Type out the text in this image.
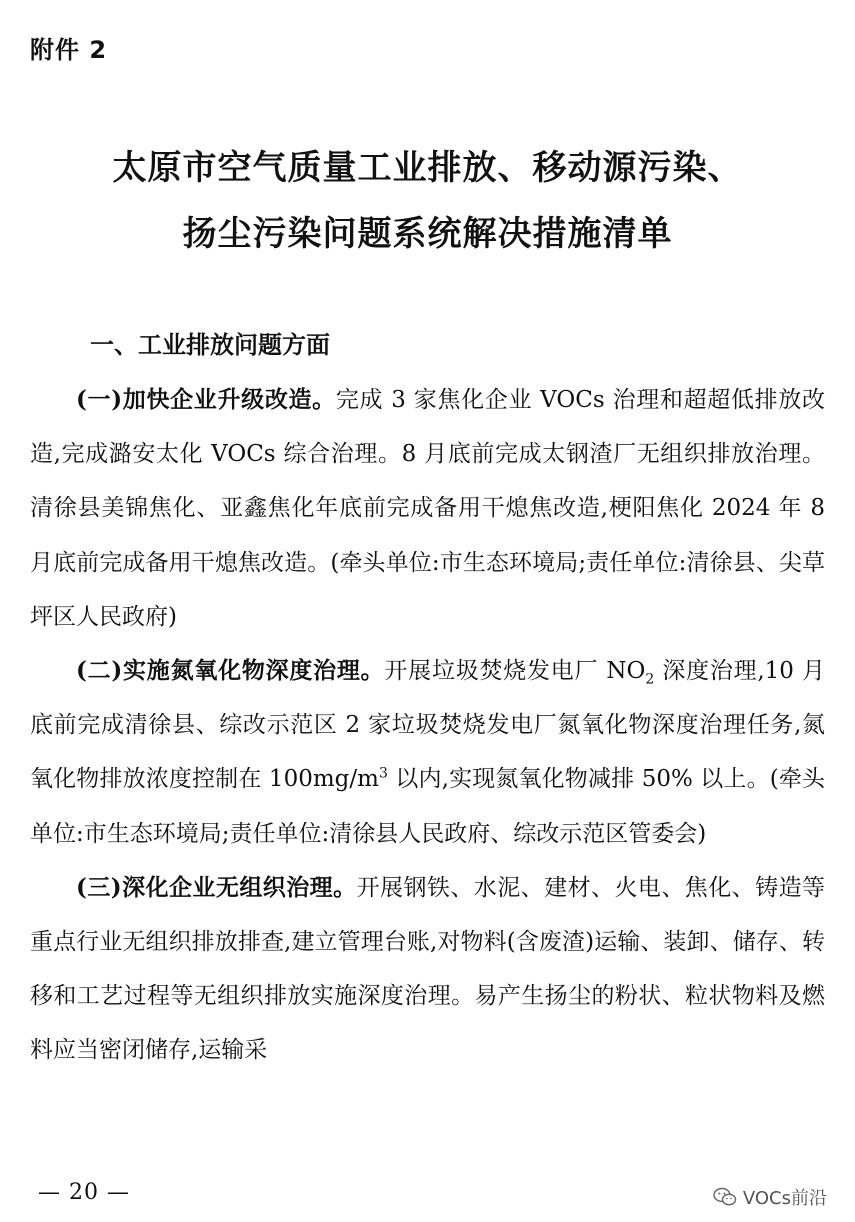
附件 2
太原市空气质量工业排放、移动源污染、
扬尘污染问题系统解决措施清单
一、工业排放问题方面

(一)加快企业升级改造。完成 3 家焦化企业 VOCs 治理和超超低排放改造,完成潞安太化 VOCs 综合治理。8 月底前完成太钢渣厂无组织排放治理。清徐县美锦焦化、亚鑫焦化年底前完成备用干熄焦改造,梗阳焦化 2024 年 8 月底前完成备用干熄焦改造。(牵头单位:市生态环境局;责任单位:清徐县、尖草坪区人民政府)

(二)实施氮氧化物深度治理。开展垃圾焚烧发电厂 $NO_2$ 深度治理,10 月底前完成清徐县、综改示范区 2 家垃圾焚烧发电厂氮氧化物深度治理任务,氮氧化物排放浓度控制在 $100mg/m^3$ 以内,实现氮氧化物减排 50% 以上。(牵头单位:市生态环境局;责任单位:清徐县人民政府、综改示范区管委会)

(三)深化企业无组织治理。开展钢铁、水泥、建材、火电、焦化、铸造等重点行业无组织排放排查,建立管理台账,对物料(含废渣)运输、装卸、储存、转移和工艺过程等无组织排放实施深度治理。易产生扬尘的粉状、粒状物料及燃料应当密闭储存,运输采

— 20 —	VOCs前沿
